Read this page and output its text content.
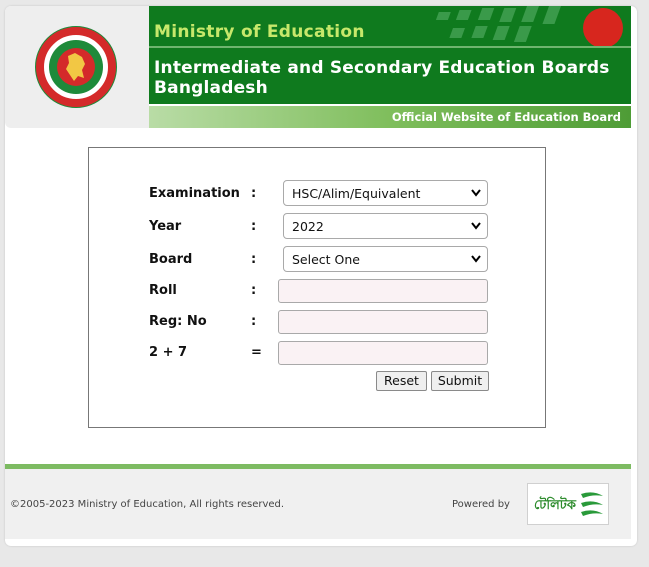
Ministry of Education
Intermediate and Secondary Education Boards Bangladesh
Official Website of Education Board
Examination :	HSC/Alim/Equivalent
Year	:	2022
Board	:	Select One
Roll	:
Reg: No	:
2 + 7	=
Reset	Submit
©2005-2023 Ministry of Education, All rights reserved.	Powered by টেলিটক
